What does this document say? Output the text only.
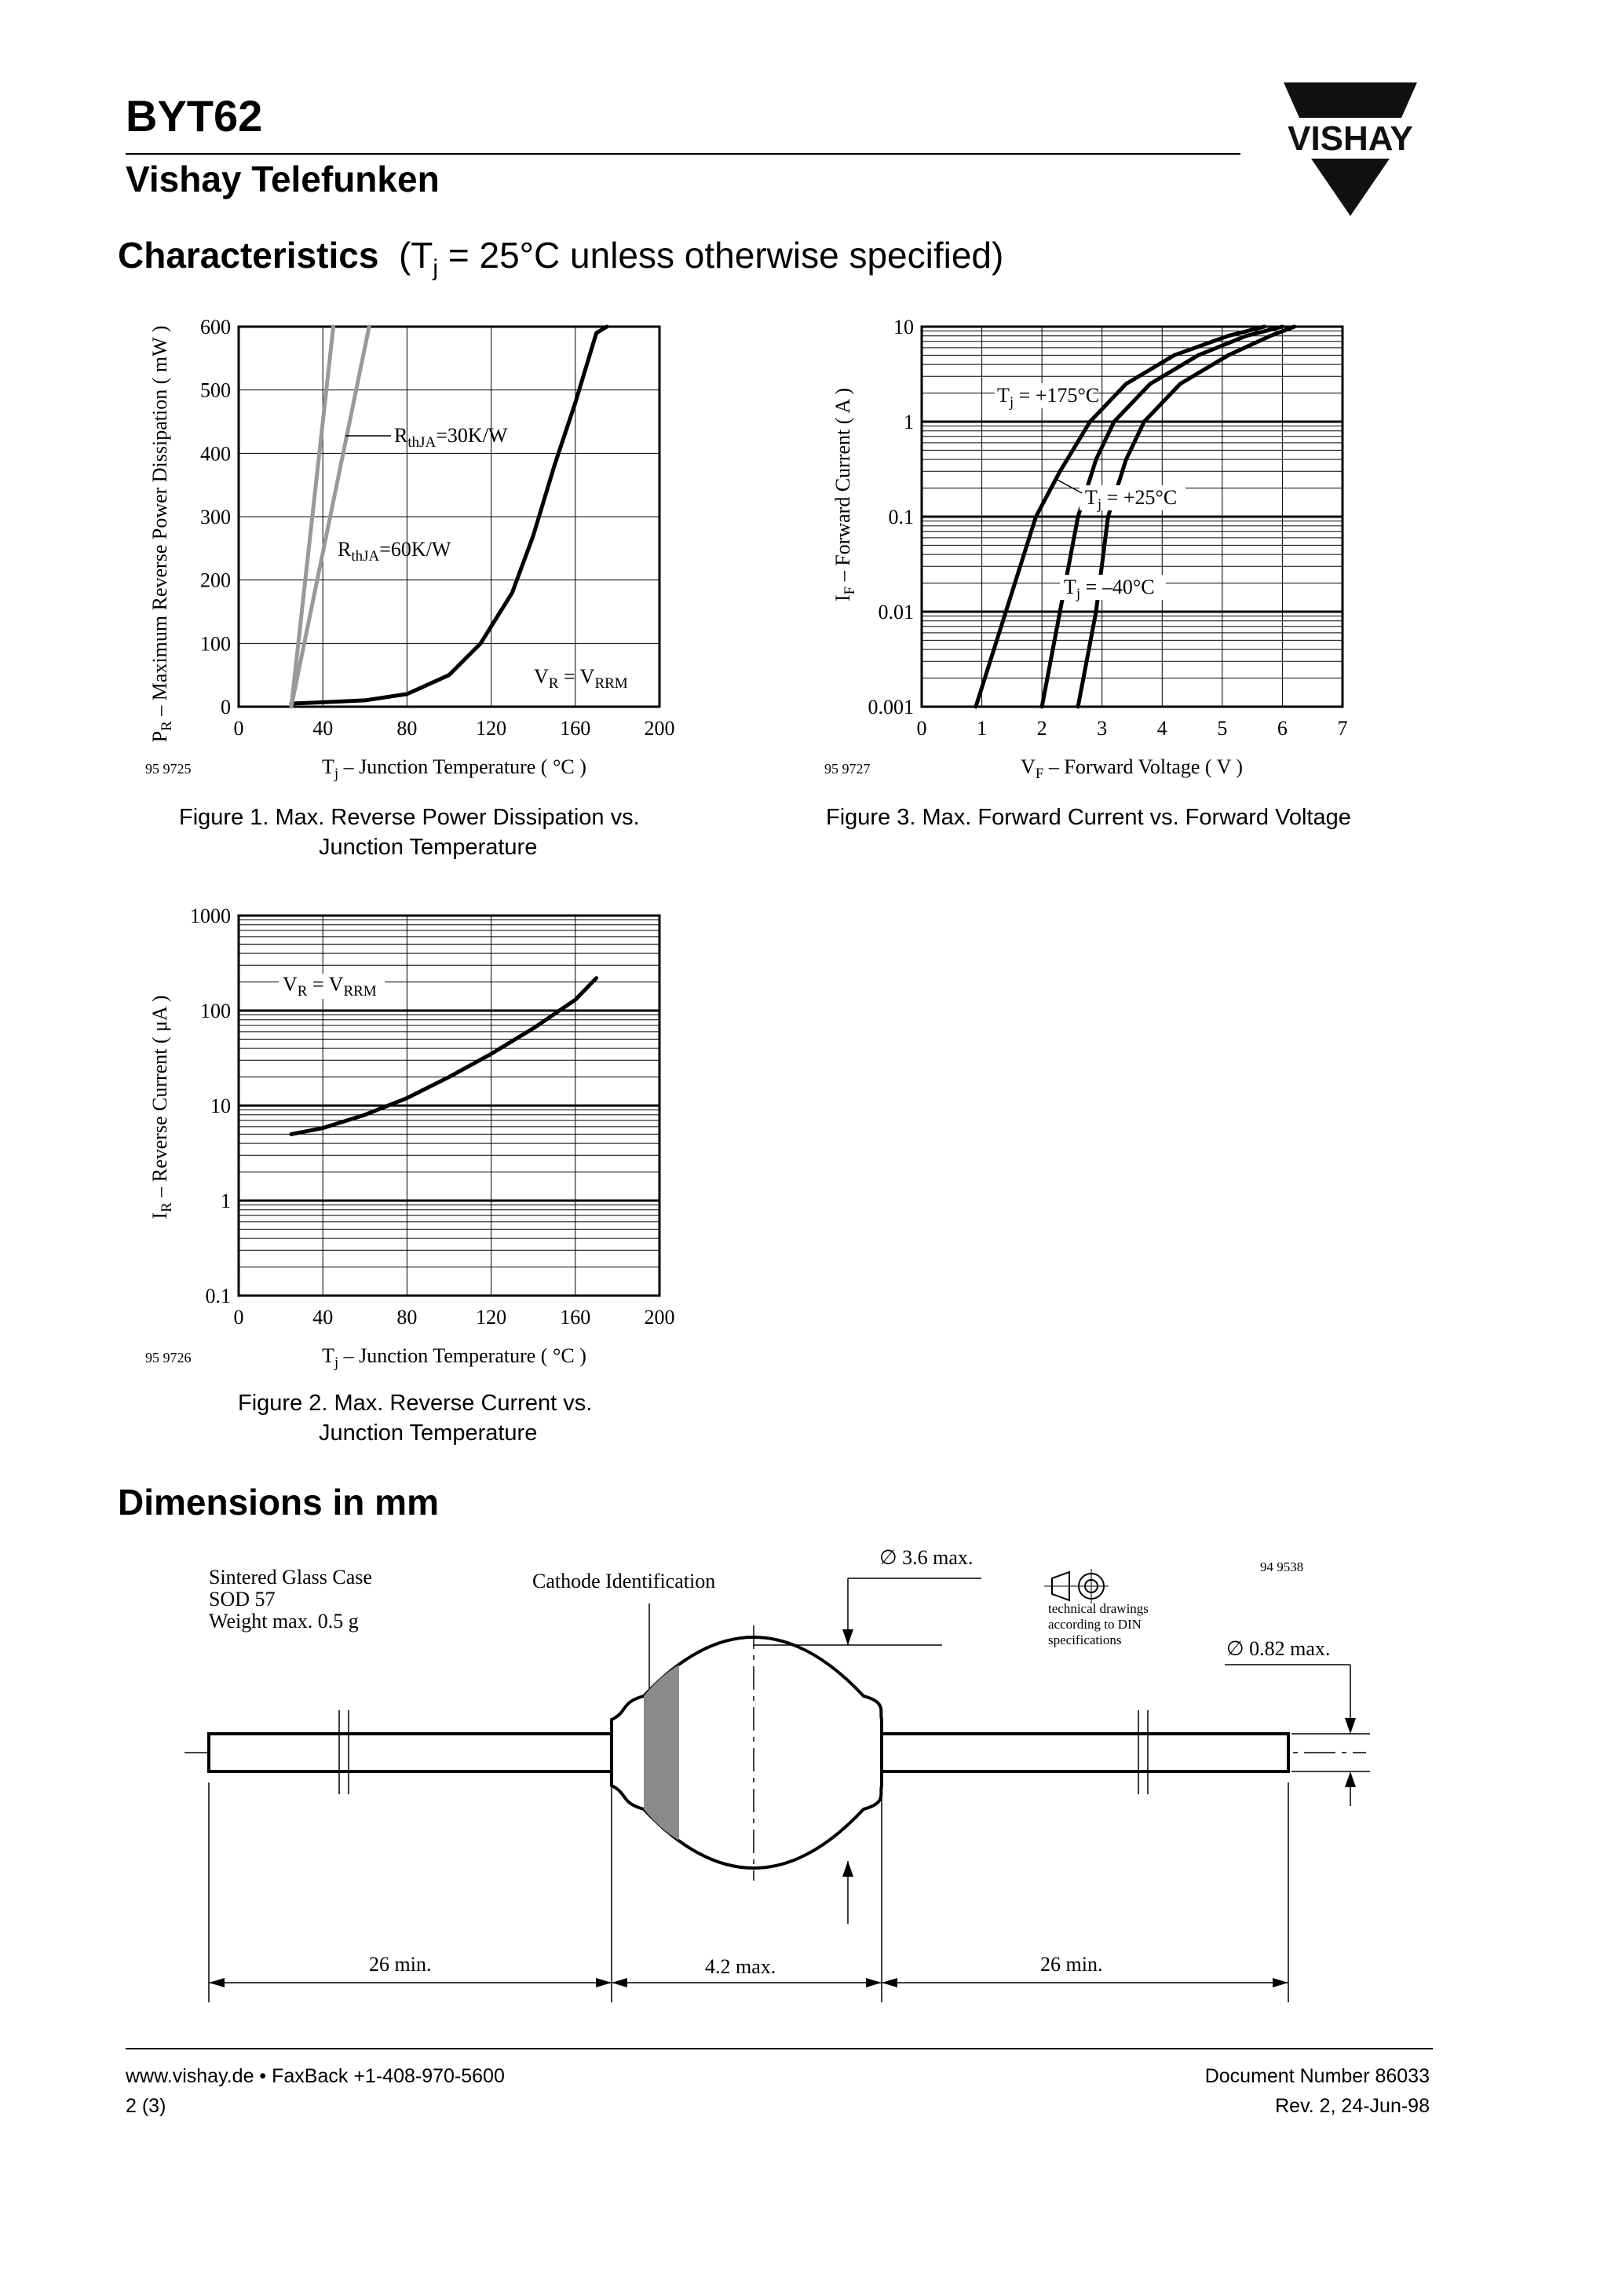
BYT62
Vishay Telefunken
VISHAY
Characteristics ($T_j = 25^\circ C$ unless otherwise specified)
0	40	80	120	160	200
0
100
200
300
400
500
600
$P_R$ – Maximum Reverse Power Dissipation ( mW )
$T_j$ – Junction Temperature ( °C )
95 9725
$R_{thJA}=30K/W$
$R_{thJA}=60K/W$
$V_R = V_{RRM}$
Figure 1. Max. Reverse Power Dissipation vs.
Junction Temperature
0 1 2 3 4 5 6 7
0.001
0.01
0.1
1
10
$I_F$ – Forward Current ( A )
$V_F$ – Forward Voltage ( V )
95 9727
$T_j = +175^\circ C$
$T_j = +25^\circ C$
$T_j = -40^\circ C$
Figure 3. Max. Forward Current vs. Forward Voltage
0	40	80	120	160	200
0.1
1
10
100
1000
$I_R$ – Reverse Current ( μA )
$T_j$ – Junction Temperature ( °C )
95 9726
$V_R = V_{RRM}$
Figure 2. Max. Reverse Current vs.
Junction Temperature
Dimensions in mm
Sintered Glass Case
SOD 57
Weight max. 0.5 g
Cathode Identification
∅ 3.6 max.
∅ 0.82 max.
26 min.	4.2 max.	26 min.
94 9538
technical drawings
according to DIN
specifications
www.vishay.de • FaxBack +1-408-970-5600
2 (3)
Document Number 86033
Rev. 2, 24-Jun-98
